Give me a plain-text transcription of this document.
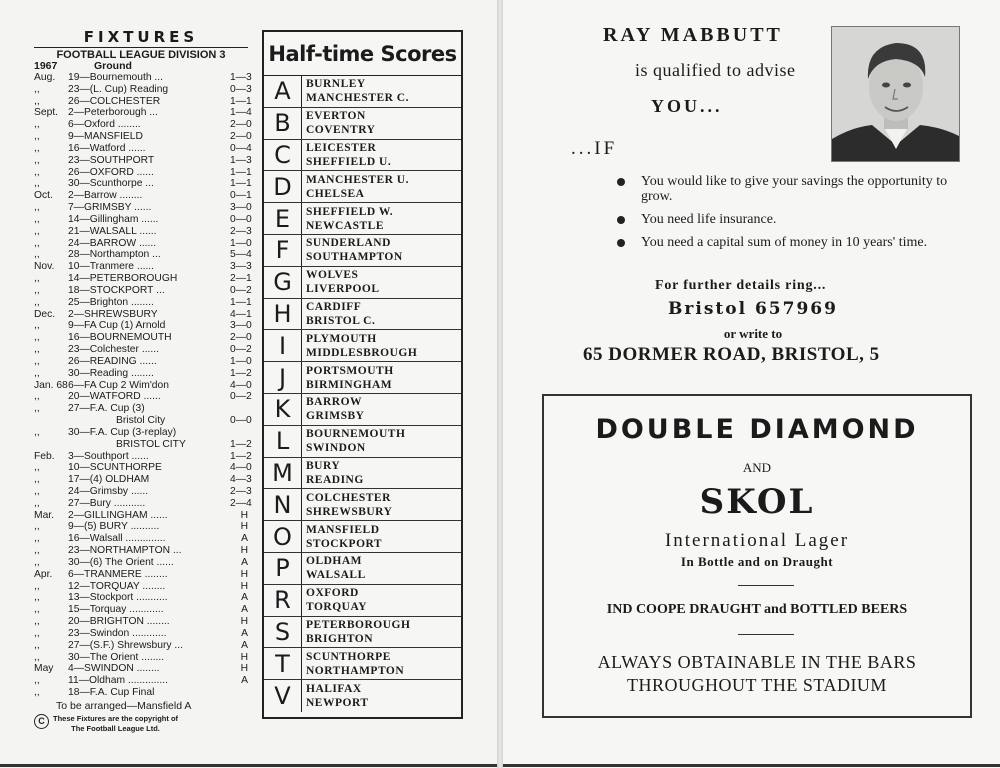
FIXTURES
FOOTBALL LEAGUE DIVISION 3
1967	Ground
Aug.	19—Bournemouth ...	1—3
,,	23—(L. Cup) Reading	0—3
,,	26—COLCHESTER	1—1
Sept. 2—Peterborough ...	1—4
,,	6—Oxford ........	2—0
,,	9—MANSFIELD	2—0
,,	16—Watford ......	0—4
,,	23—SOUTHPORT	1—3
,,	26—OXFORD ......	1—1
,,	30—Scunthorpe ...	1—1
Oct.	2—Barrow ........	0—1
,,	7—GRIMSBY ......	3—0
,,	14—Gillingham ......	0—0
,,	21—WALSALL ......	2—3
,,	24—BARROW ......	1—0
,,	28—Northampton ...	5—4
Nov.	10—Tranmere ......	3—3
,,	14—PETERBOROUGH	2—1
,,	18—STOCKPORT ...	0—2
,,	25—Brighton ........	1—1
Dec.	2—SHREWSBURY	4—1
,,	9—FA Cup (1) Arnold	3—0
,,	16—BOURNEMOUTH	2—0
,,	23—Colchester ......	0—2
,,	26—READING ......	1—0
,,	30—Reading ........	1—2
Jan. 68 6—FA Cup 2 Wim'don	4—0
,,	20—WATFORD ......	0—2
,,	27—F.A. Cup (3)
Bristol City	0—0
,,	30—F.A. Cup (3-replay)
BRISTOL CITY	1—2
Feb.	3—Southport ......	1—2
,,	10—SCUNTHORPE	4—0
,,	17—(4) OLDHAM	4—3
,,	24—Grimsby ......	2—3
,,	27—Bury ...........	2—4
Mar.	2—GILLINGHAM ......	H
,,	9—(5) BURY ..........	H
,,	16—Walsall ..............	A
,,	23—NORTHAMPTON ...	H
,,	30—(6) The Orient ......	A
Apr.	6—TRANMERE ........	H
,,	12—TORQUAY ........	H
,,	13—Stockport ...........	A
,,	15—Torquay ............	A
,,	20—BRIGHTON ........	H
,,	23—Swindon ............	A
,,	27—(S.F.) Shrewsbury ...	A
,,	30—The Orient ........	H
May	4—SWINDON ........	H
,,	11—Oldham ..............	A
,,	18—F.A. Cup Final
To be arranged—Mansfield A
C	These Fixtures are the copyright of
The Football League Ltd.
Half-time Scores
A	BURNLEY
MANCHESTER C.
B	EVERTON
COVENTRY
C	LEICESTER
SHEFFIELD U.
D	MANCHESTER U.
CHELSEA
E	SHEFFIELD W.
NEWCASTLE
F	SUNDERLAND
SOUTHAMPTON
G	WOLVES
LIVERPOOL
H	CARDIFF
BRISTOL C.
I	PLYMOUTH
MIDDLESBROUGH
J	PORTSMOUTH
BIRMINGHAM
K	BARROW
GRIMSBY
L	BOURNEMOUTH
SWINDON
M	BURY
READING
N	COLCHESTER
SHREWSBURY
O	MANSFIELD
STOCKPORT
P	OLDHAM
WALSALL
R	OXFORD
TORQUAY
S	PETERBOROUGH
BRIGHTON
T	SCUNTHORPE
NORTHAMPTON
V	HALIFAX
NEWPORT
RAY MABBUTT
is qualified to advise
YOU...
...IF
You would like to give your savings the opportunity to grow.
You need life insurance.
You need a capital sum of money in 10 years' time.
For further details ring...
Bristol 657969
or write to
65 DORMER ROAD, BRISTOL, 5
DOUBLE DIAMOND
AND
SKOL
International Lager
In Bottle and on Draught
IND COOPE DRAUGHT and BOTTLED BEERS
ALWAYS OBTAINABLE IN THE BARS
THROUGHOUT THE STADIUM
